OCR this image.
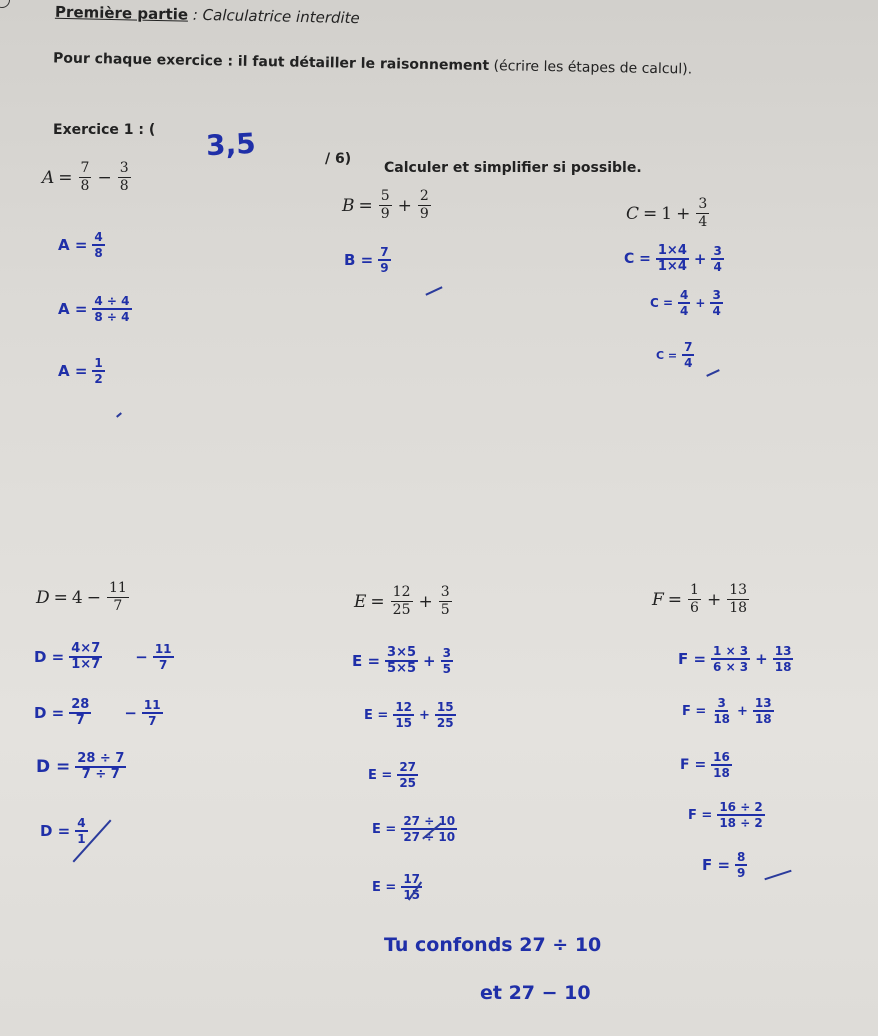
Première partie : Calculatrice interdite
Pour chaque exercice : il faut détailler le raisonnement (écrire les étapes de calcul).
Exercice 1 : ( 3,5	/ 6)
Calculer et simplifier si possible.
$A = \frac{7}{8} - \frac{3}{8}$
$B = \frac{5}{9} + \frac{2}{9}$	$C = 1 + \frac{3}{4}$
$A = \frac{4}{8}$
$A = \frac{4 \div 4}{8 \div 4}$
$A = \frac{1}{2}$
$B = \frac{7}{9}$	$C = \frac{1\times 4}{1\times 4} + \frac{3}{4}$
$C = \frac{4}{4} + \frac{3}{4}$
$C = \frac{7}{4}$
$D = 4 - \frac{11}{7}$	$E = \frac{12}{25} + \frac{3}{5}$	$F = \frac{1}{6} + \frac{13}{18}$
$D = \frac{4\times 7}{1\times 7} - \frac{11}{7}$
$D = \frac{28}{7} - \frac{11}{7}$
$D = \frac{28 \div 7}{7 \div 7}$
$D = \frac{4}{1}$
$E = \frac{3\times 5}{5\times 5} + \frac{3}{5}$
$E = \frac{12}{15} + \frac{15}{25}$
$E = \frac{27}{25}$
$E = \frac{27 \div 10}{27 \div 10}$
$E = \frac{17}{15}$
$F = \frac{1 \times 3}{6 \times 3} + \frac{13}{18}$
$F = \frac{3}{18} + \frac{13}{18}$
$F = \frac{16}{18}$
$F = \frac{16 \div 2}{18 \div 2}$
$F = \frac{8}{9}$
Tu confonds 27 ÷ 10
et 27 − 10
